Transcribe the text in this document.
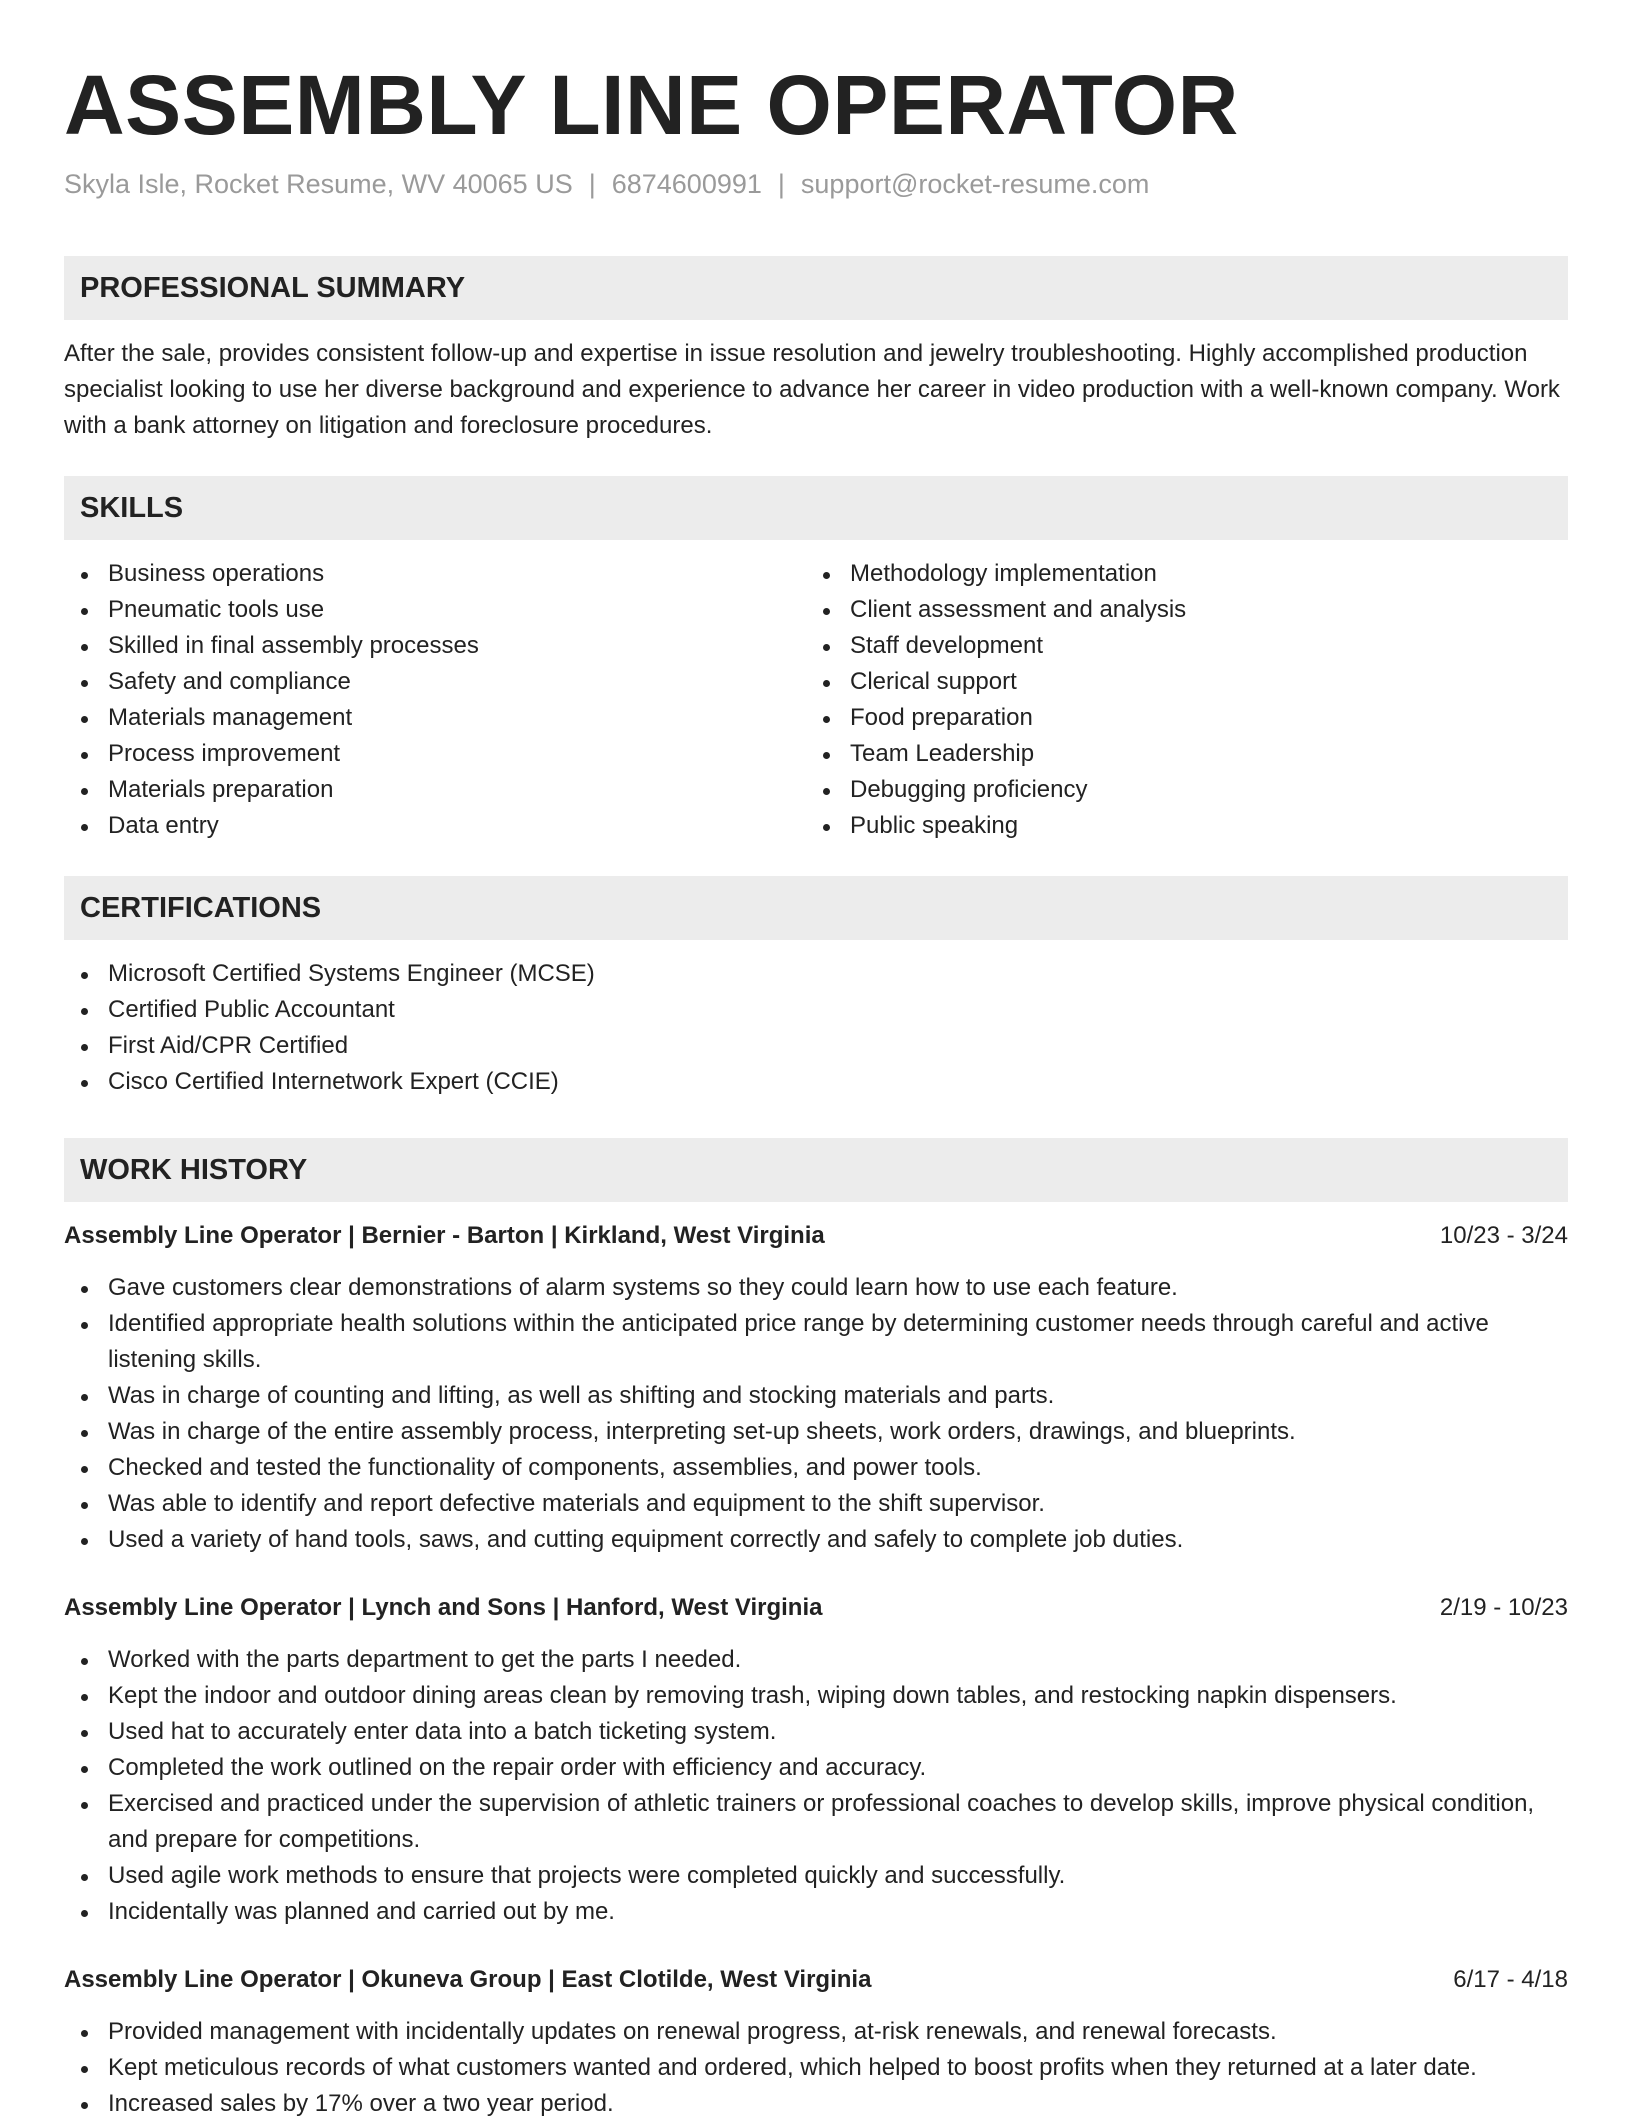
ASSEMBLY LINE OPERATOR
Skyla Isle, Rocket Resume, WV 40065 US | 6874600991 | support@rocket-resume.com
PROFESSIONAL SUMMARY

After the sale, provides consistent follow-up and expertise in issue resolution and jewelry troubleshooting. Highly accomplished production specialist looking to use her diverse background and experience to advance her career in video production with a well-known company. Work with a bank attorney on litigation and foreclosure procedures.

SKILLS
Business operations
Pneumatic tools use
Skilled in final assembly processes
Safety and compliance
Materials management
Process improvement
Materials preparation
Data entry
Methodology implementation
Client assessment and analysis
Staff development
Clerical support
Food preparation
Team Leadership
Debugging proficiency
Public speaking
CERTIFICATIONS
Microsoft Certified Systems Engineer (MCSE)
Certified Public Accountant
First Aid/CPR Certified
Cisco Certified Internetwork Expert (CCIE)
WORK HISTORY
Assembly Line Operator | Bernier - Barton | Kirkland, West Virginia	10/23 - 3/24
Gave customers clear demonstrations of alarm systems so they could learn how to use each feature.
Identified appropriate health solutions within the anticipated price range by determining customer needs through careful and active listening skills.
Was in charge of counting and lifting, as well as shifting and stocking materials and parts.
Was in charge of the entire assembly process, interpreting set-up sheets, work orders, drawings, and blueprints.
Checked and tested the functionality of components, assemblies, and power tools.
Was able to identify and report defective materials and equipment to the shift supervisor.
Used a variety of hand tools, saws, and cutting equipment correctly and safely to complete job duties.
Assembly Line Operator | Lynch and Sons | Hanford, West Virginia	2/19 - 10/23
Worked with the parts department to get the parts I needed.
Kept the indoor and outdoor dining areas clean by removing trash, wiping down tables, and restocking napkin dispensers.
Used hat to accurately enter data into a batch ticketing system.
Completed the work outlined on the repair order with efficiency and accuracy.
Exercised and practiced under the supervision of athletic trainers or professional coaches to develop skills, improve physical condition, and prepare for competitions.
Used agile work methods to ensure that projects were completed quickly and successfully.
Incidentally was planned and carried out by me.
Assembly Line Operator | Okuneva Group | East Clotilde, West Virginia	6/17 - 4/18
Provided management with incidentally updates on renewal progress, at-risk renewals, and renewal forecasts.
Kept meticulous records of what customers wanted and ordered, which helped to boost profits when they returned at a later date.
Increased sales by 17% over a two year period.
